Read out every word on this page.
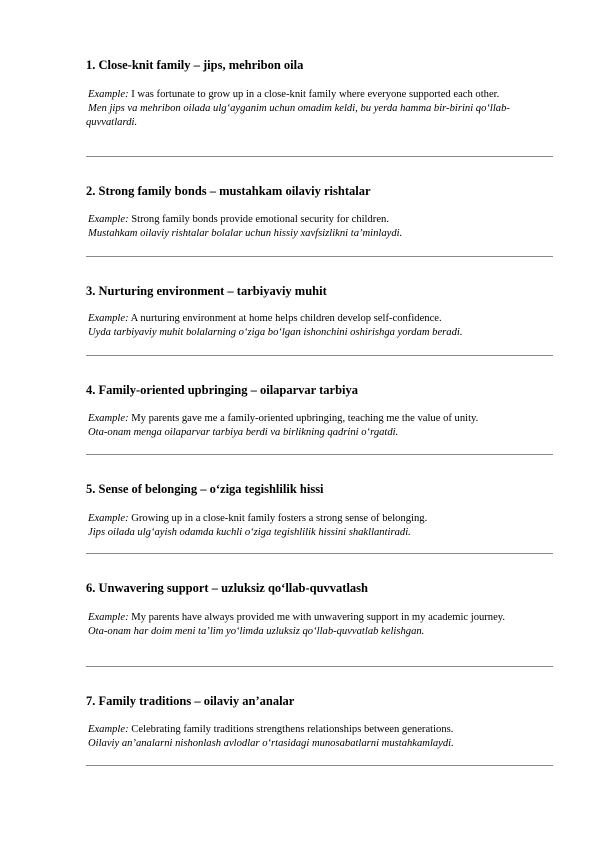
1. Close-knit family – jips, mehribon oila

Example: I was fortunate to grow up in a close-knit family where everyone supported each other.

Men jips va mehribon oilada ulg‘ayganim uchun omadim keldi, bu yerda hamma bir-birini qo‘llab-quvvatlardi.

2. Strong family bonds – mustahkam oilaviy rishtalar

Example: Strong family bonds provide emotional security for children.

Mustahkam oilaviy rishtalar bolalar uchun hissiy xavfsizlikni ta’minlaydi.

3. Nurturing environment – tarbiyaviy muhit

Example: A nurturing environment at home helps children develop self-confidence.

Uyda tarbiyaviy muhit bolalarning o‘ziga bo‘lgan ishonchini oshirishga yordam beradi.

4. Family-oriented upbringing – oilaparvar tarbiya

Example: My parents gave me a family-oriented upbringing, teaching me the value of unity.

Ota-onam menga oilaparvar tarbiya berdi va birlikning qadrini o‘rgatdi.

5. Sense of belonging – o‘ziga tegishlilik hissi

Example: Growing up in a close-knit family fosters a strong sense of belonging.

Jips oilada ulg‘ayish odamda kuchli o‘ziga tegishlilik hissini shakllantiradi.

6. Unwavering support – uzluksiz qo‘llab-quvvatlash

Example: My parents have always provided me with unwavering support in my academic journey.

Ota-onam har doim meni ta’lim yo‘limda uzluksiz qo‘llab-quvvatlab kelishgan.

7. Family traditions – oilaviy an’analar

Example: Celebrating family traditions strengthens relationships between generations.

Oilaviy an’analarni nishonlash avlodlar o‘rtasidagi munosabatlarni mustahkamlaydi.
